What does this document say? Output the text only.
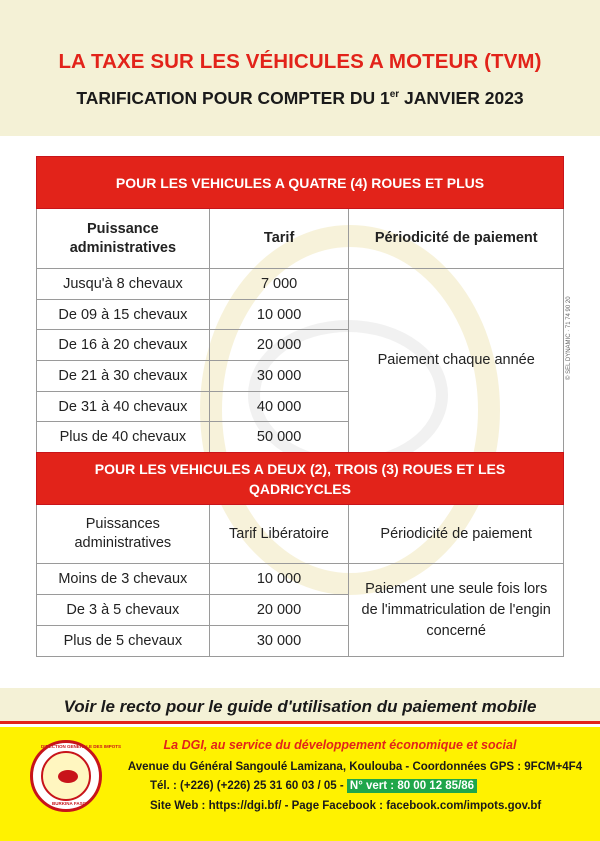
LA TAXE SUR LES VÉHICULES A MOTEUR (TVM)
TARIFICATION POUR COMPTER DU 1er JANVIER 2023
© SEL DYNAMIC · 71 74 90 20
POUR LES VEHICULES A QUATRE (4) ROUES ET PLUS		
Puissance administratives	Tarif	Périodicité de paiement
Jusqu'à 8 chevaux	7 000	Paiement chaque année
De 09 à 15 chevaux	10 000	
De 16 à 20 chevaux	20 000	
De 21 à 30 chevaux	30 000	
De 31 à 40 chevaux	40 000	
Plus de 40 chevaux	50 000	
POUR LES VEHICULES A DEUX (2), TROIS (3) ROUES ET LES QADRICYCLES		
Puissances administratives	Tarif Libératoire	Périodicité de paiement
Moins de 3 chevaux	10 000	Paiement une seule fois lors de l'immatriculation de l'engin concerné
De 3 à 5 chevaux	20 000	
Plus de 5 chevaux	30 000	
Voir le recto pour le guide d'utilisation du paiement mobile
DIRECTION GENERALE DES IMPOTS
BURKINA FASO
La DGI, au service du développement économique et social
Avenue du Général Sangoulé Lamizana, Koulouba - Coordonnées GPS : 9FCM+4F4
Tél. : (+226) (+226) 25 31 60 03 / 05 - N° vert : 80 00 12 85/86
Site Web : https://dgi.bf/ - Page Facebook : facebook.com/impots.gov.bf
